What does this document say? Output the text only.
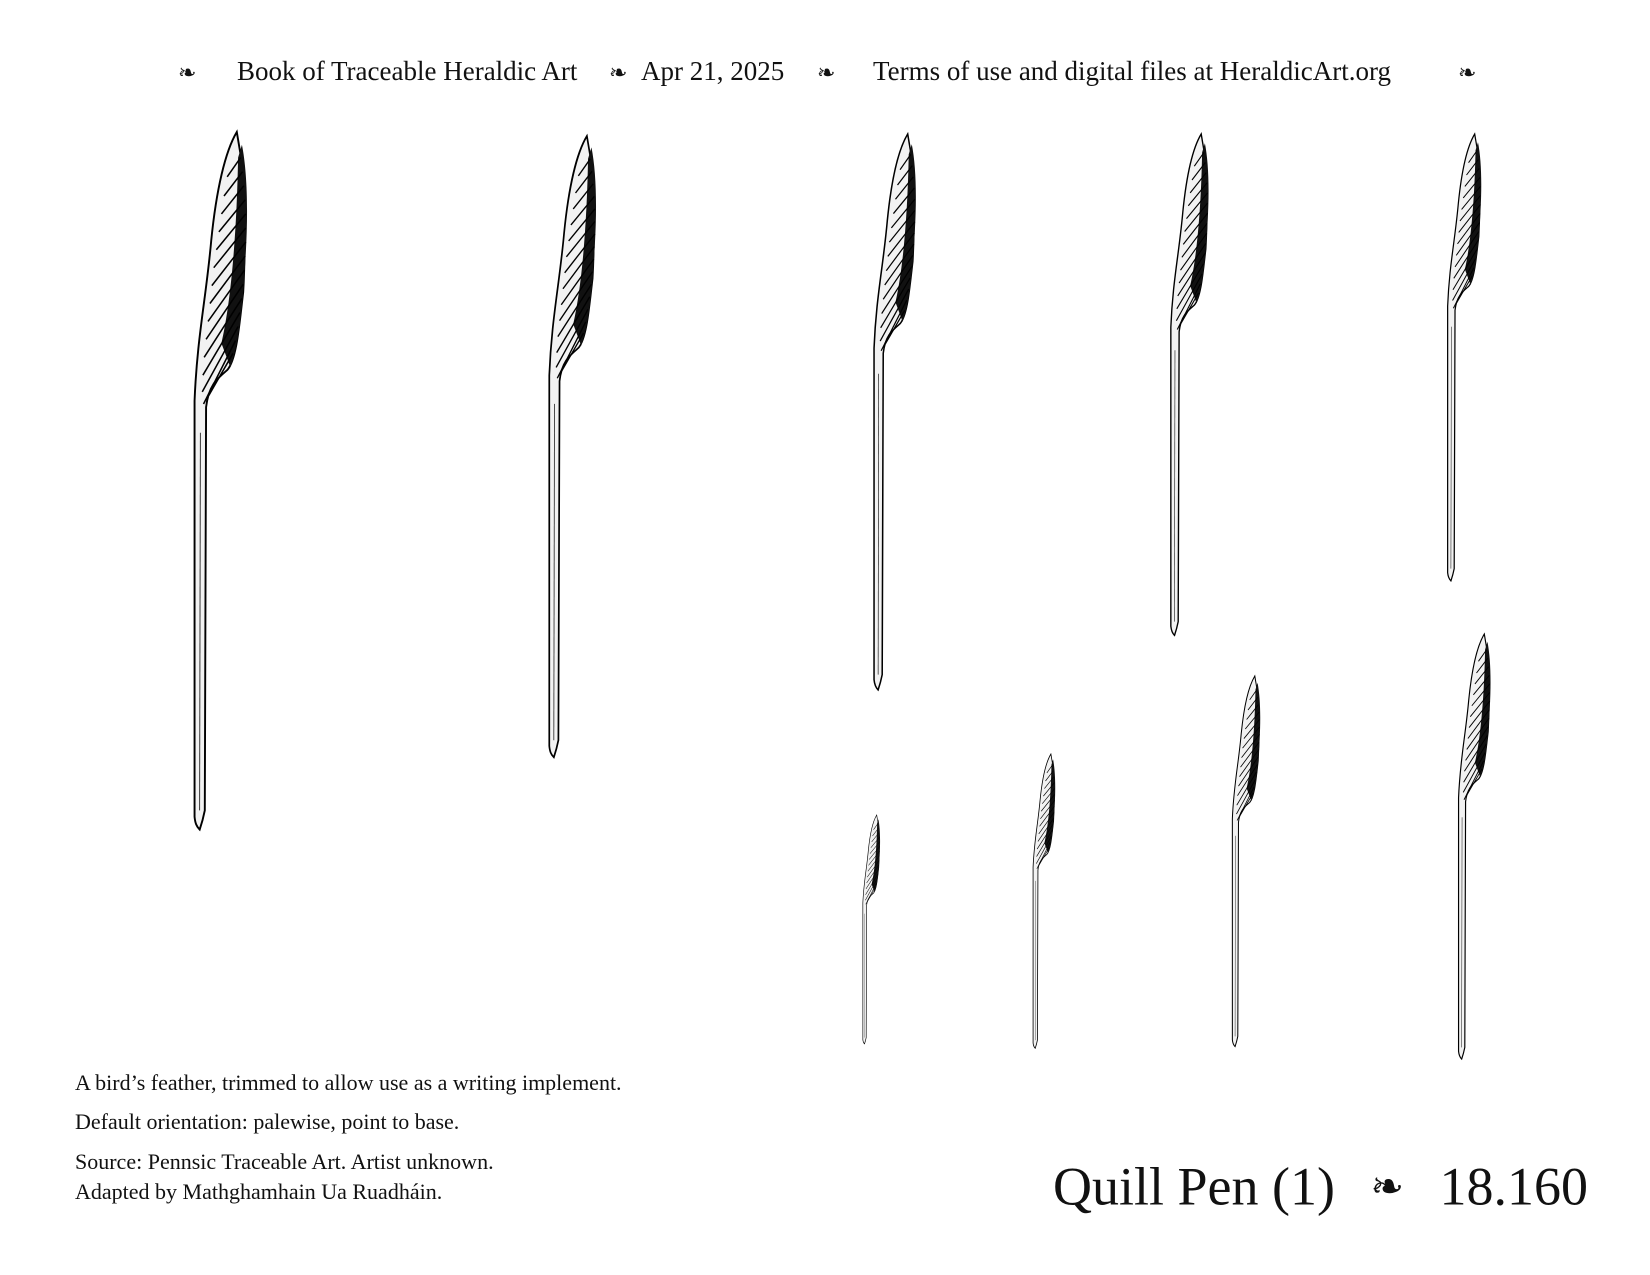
❧ Book of Traceable Heraldic Art ❧ Apr 21, 2025 ❧ Terms of use and digital files at HeraldicArt.org	❧
A bird’s feather, trimmed to allow use as a writing implement.
Default orientation: palewise, point to base.
Source: Pennsic Traceable Art. Artist unknown.
Adapted by Mathghamhain Ua Ruadháin.	Quill Pen (1) ❧ 18.160
